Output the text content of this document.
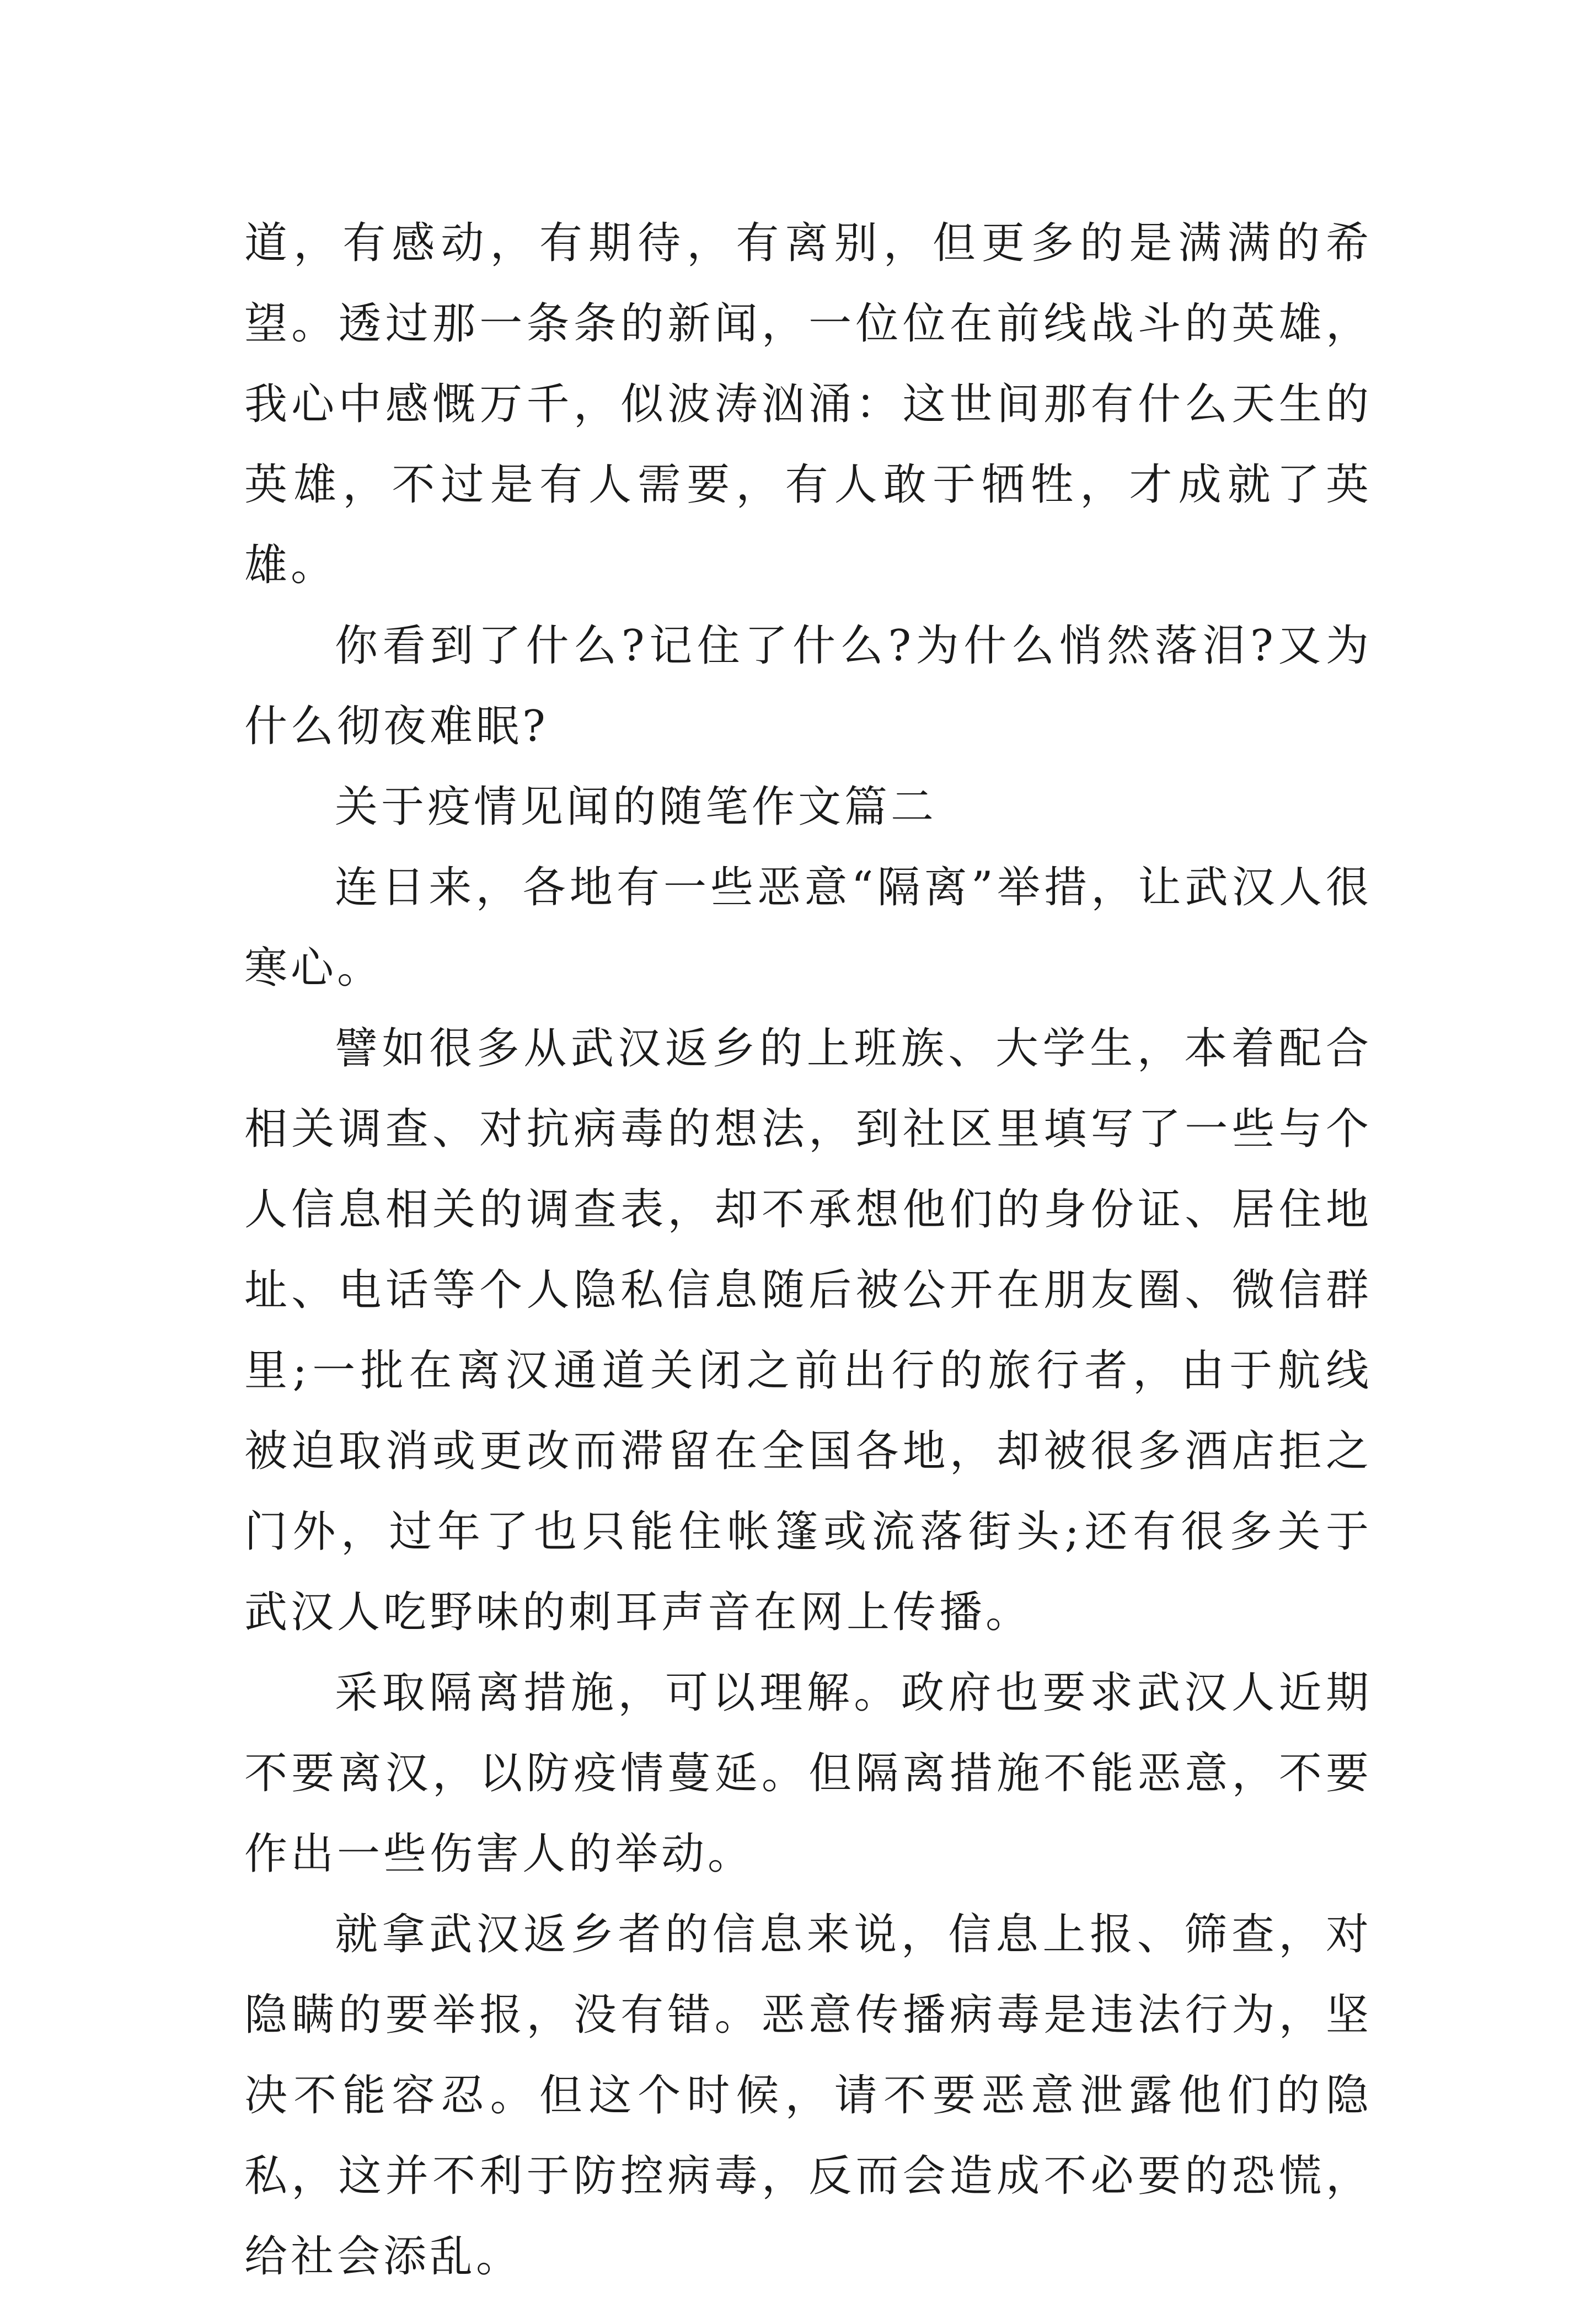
道，有感动，有期待，有离别，但更多的是满满的希望。透过那一条条的新闻，一位位在前线战斗的英雄，我心中感慨万千，似波涛汹涌：这世间那有什么天生的英雄，不过是有人需要，有人敢于牺牲，才成就了英雄。

你看到了什么?记住了什么?为什么悄然落泪?又为什么彻夜难眠?

关于疫情见闻的随笔作文篇二

连日来，各地有一些恶意“隔离”举措，让武汉人很寒心。

譬如很多从武汉返乡的上班族、大学生，本着配合相关调查、对抗病毒的想法，到社区里填写了一些与个人信息相关的调查表，却不承想他们的身份证、居住地址、电话等个人隐私信息随后被公开在朋友圈、微信群里;一批在离汉通道关闭之前出行的旅行者，由于航线被迫取消或更改而滞留在全国各地，却被很多酒店拒之门外，过年了也只能住帐篷或流落街头;还有很多关于武汉人吃野味的刺耳声音在网上传播。

采取隔离措施，可以理解。政府也要求武汉人近期不要离汉，以防疫情蔓延。但隔离措施不能恶意，不要作出一些伤害人的举动。

就拿武汉返乡者的信息来说，信息上报、筛查，对隐瞒的要举报，没有错。恶意传播病毒是违法行为，坚决不能容忍。但这个时候，请不要恶意泄露他们的隐私，这并不利于防控病毒，反而会造成不必要的恐慌，给社会添乱。
